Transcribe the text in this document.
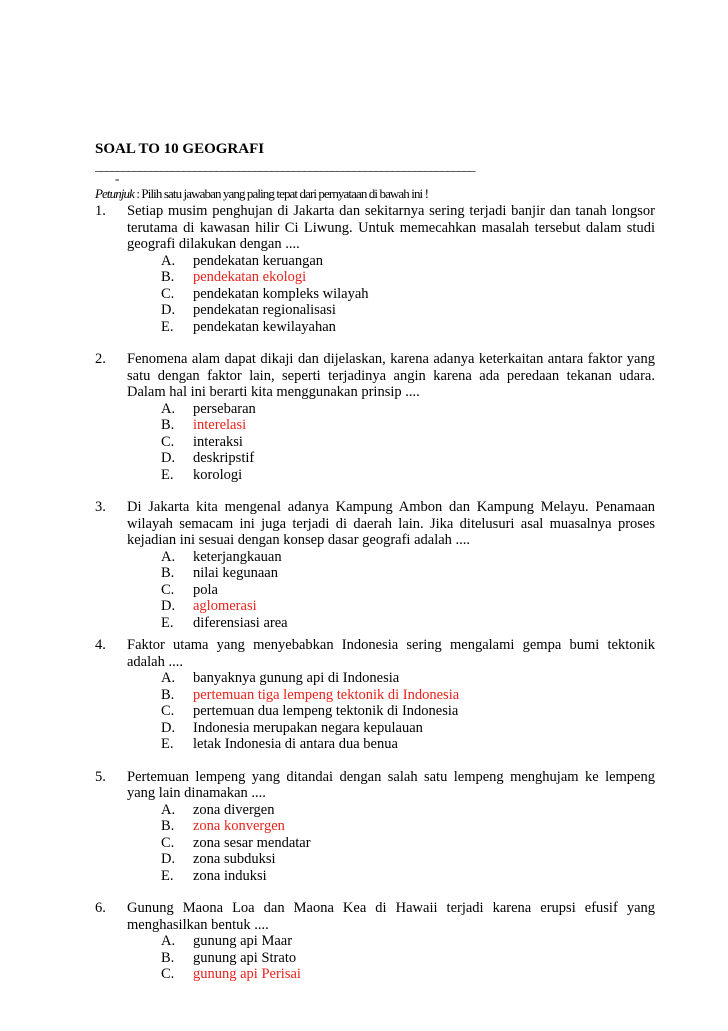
SOAL TO 10 GEOGRAFI
_____________________________________________________________________
-
Petunjuk : Pilih satu jawaban yang paling tepat dari pernyataan di bawah ini !
1. Setiap musim penghujan di Jakarta dan sekitarnya sering terjadi banjir dan tanah longsor terutama di kawasan hilir Ci Liwung. Untuk memecahkan masalah tersebut dalam studi geografi dilakukan dengan ....
A.	pendekatan keruangan
B.	pendekatan ekologi
C.	pendekatan kompleks wilayah
D.	pendekatan regionalisasi
E.	pendekatan kewilayahan
2. Fenomena alam dapat dikaji dan dijelaskan, karena adanya keterkaitan antara faktor yang satu dengan faktor lain, seperti terjadinya angin karena ada peredaan tekanan udara. Dalam hal ini berarti kita menggunakan prinsip ....
A.	persebaran
B.	interelasi
C.	interaksi
D.	deskripstif
E.	korologi
3. Di Jakarta kita mengenal adanya Kampung Ambon dan Kampung Melayu. Penamaan wilayah semacam ini juga terjadi di daerah lain. Jika ditelusuri asal muasalnya proses kejadian ini sesuai dengan konsep dasar geografi adalah ....
A.	keterjangkauan
B.	nilai kegunaan
C.	pola
D.	aglomerasi
E.	diferensiasi area
4. Faktor utama yang menyebabkan Indonesia sering mengalami gempa bumi tektonik adalah ....
A.	banyaknya gunung api di Indonesia
B.	pertemuan tiga lempeng tektonik di Indonesia
C.	pertemuan dua lempeng tektonik di Indonesia
D.	Indonesia merupakan negara kepulauan
E.	letak Indonesia di antara dua benua
5. Pertemuan lempeng yang ditandai dengan salah satu lempeng menghujam ke lempeng yang lain dinamakan ....
A.	zona divergen
B.	zona konvergen
C.	zona sesar mendatar
D.	zona subduksi
E.	zona induksi
6. Gunung Maona Loa dan Maona Kea di Hawaii terjadi karena erupsi efusif yang menghasilkan bentuk ....
A.	gunung api Maar
B.	gunung api Strato
C.	gunung api Perisai
